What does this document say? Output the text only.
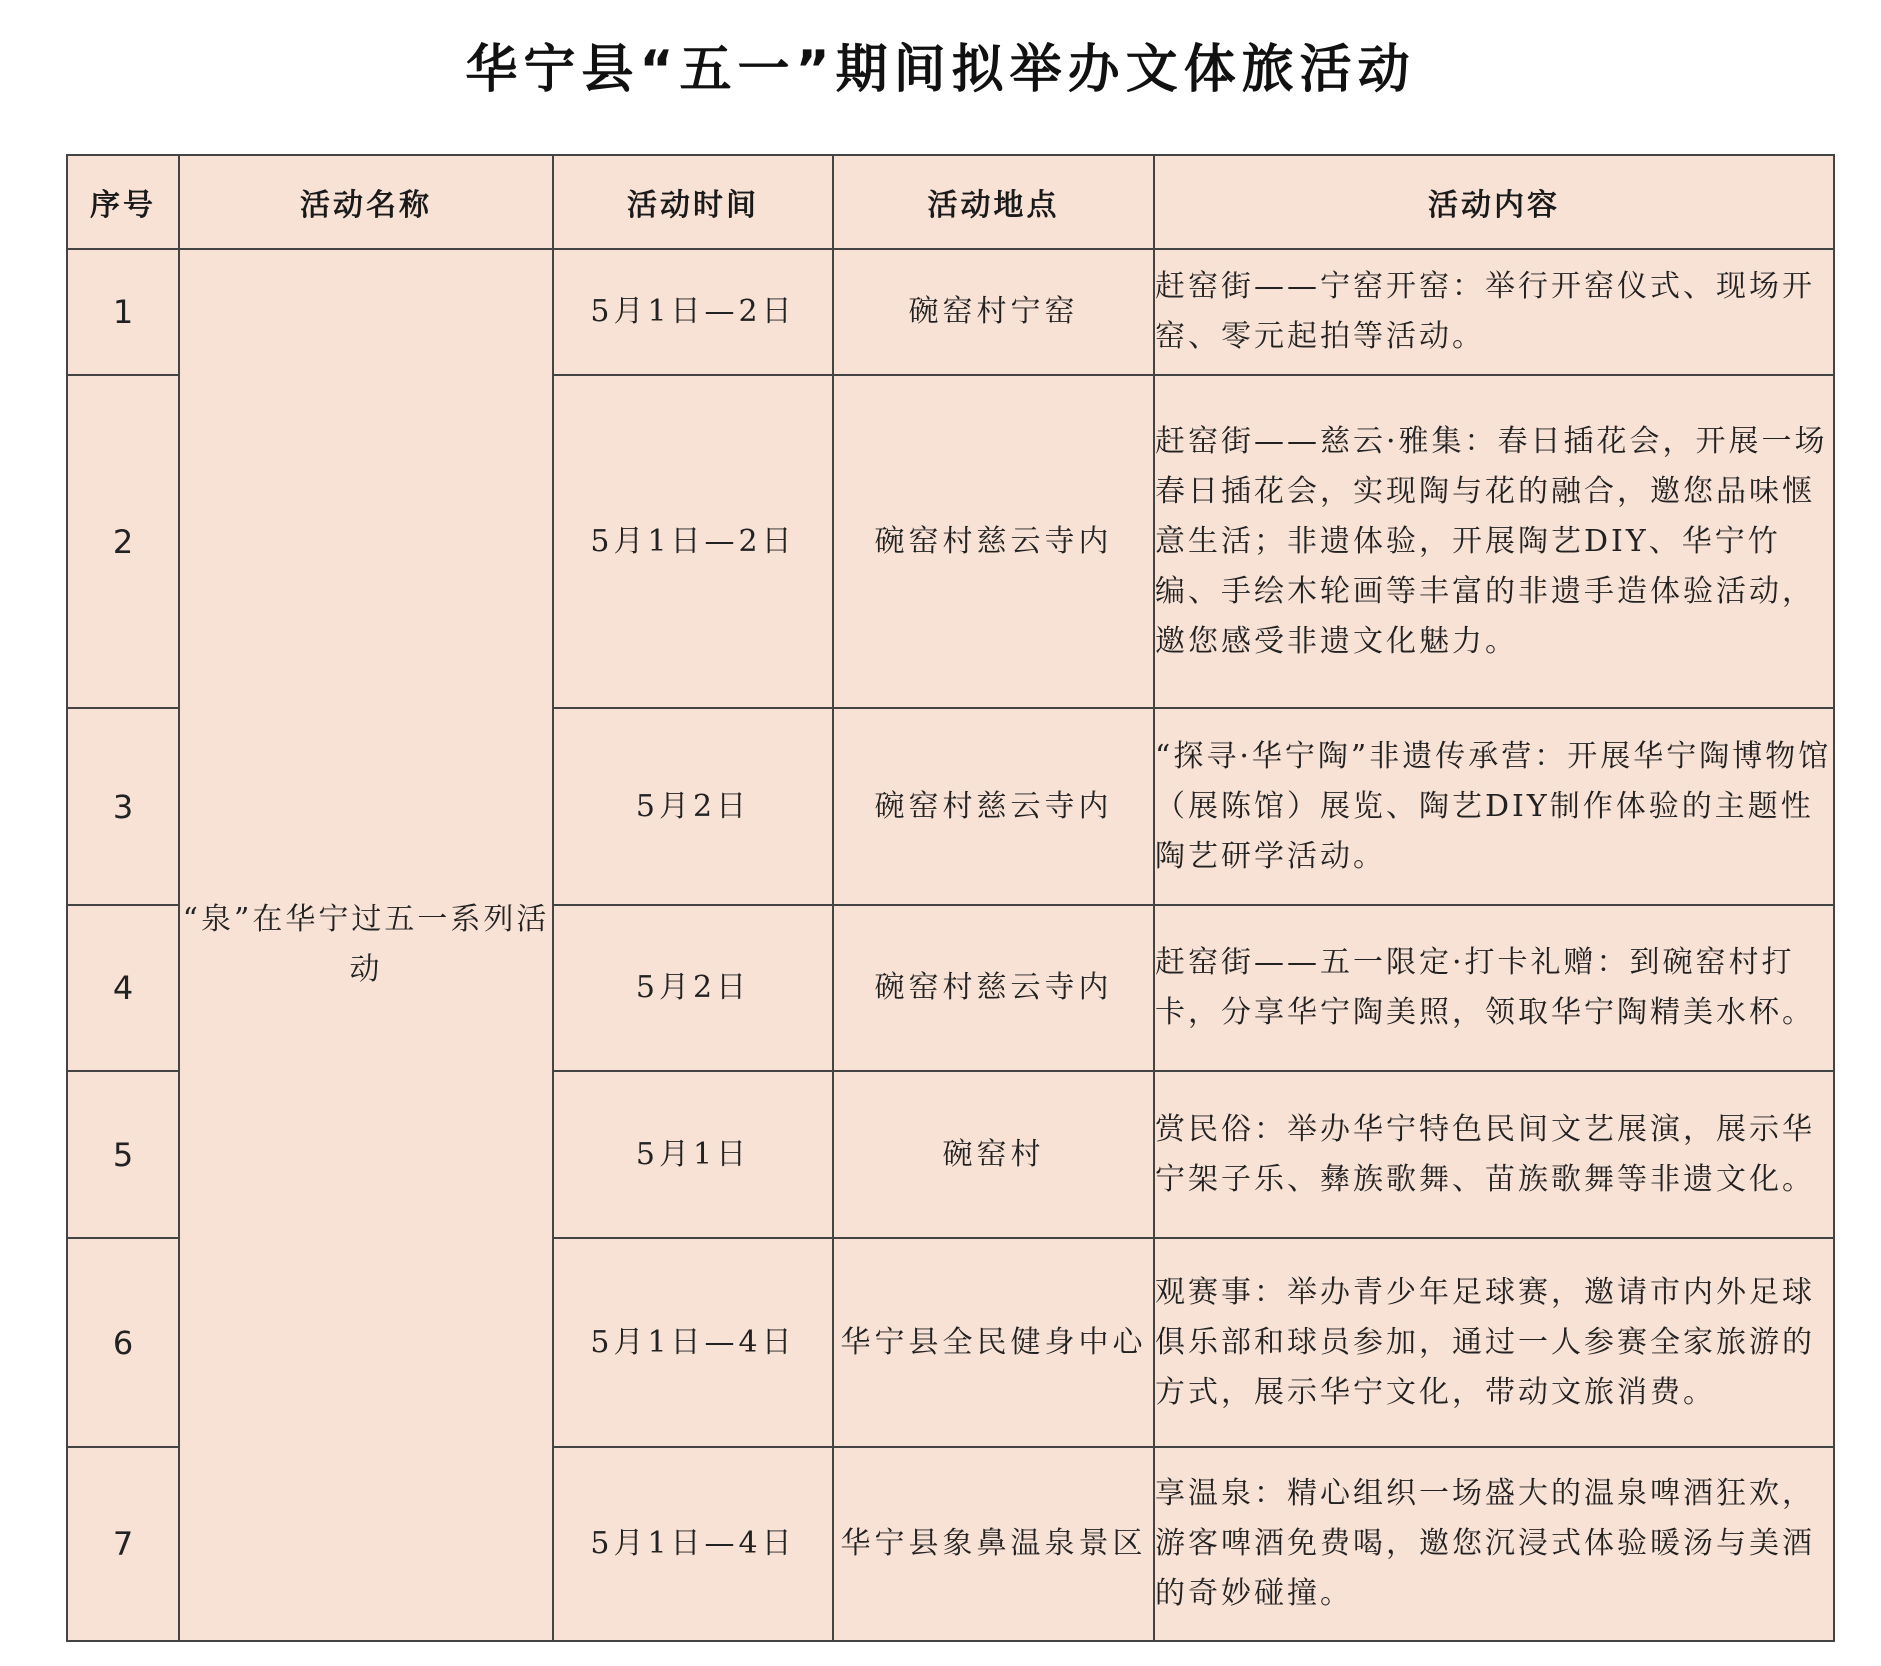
华宁县“五一”期间拟举办文体旅活动
序号	活动名称	活动时间	活动地点	活动内容
1	“泉”在华宁过五一系列活动	5月1日—2日	碗窑村宁窑	赶窑街——宁窑开窑：举行开窑仪式、现场开窑、零元起拍等活动。
2		5月1日—2日	碗窑村慈云寺内	赶窑街——慈云·雅集：春日插花会，开展一场春日插花会，实现陶与花的融合，邀您品味惬意生活；非遗体验，开展陶艺DIY、华宁竹编、手绘木轮画等丰富的非遗手造体验活动，邀您感受非遗文化魅力。
3		5月2日	碗窑村慈云寺内	“探寻·华宁陶”非遗传承营：开展华宁陶博物馆（展陈馆）展览、陶艺DIY制作体验的主题性陶艺研学活动。
4		5月2日	碗窑村慈云寺内	赶窑街——五一限定·打卡礼赠：到碗窑村打卡，分享华宁陶美照，领取华宁陶精美水杯。
5		5月1日	碗窑村	赏民俗：举办华宁特色民间文艺展演，展示华宁架子乐、彝族歌舞、苗族歌舞等非遗文化。
6		5月1日—4日	华宁县全民健身中心	观赛事：举办青少年足球赛，邀请市内外足球俱乐部和球员参加，通过一人参赛全家旅游的方式，展示华宁文化，带动文旅消费。
7		5月1日—4日	华宁县象鼻温泉景区	享温泉：精心组织一场盛大的温泉啤酒狂欢，游客啤酒免费喝，邀您沉浸式体验暖汤与美酒的奇妙碰撞。
